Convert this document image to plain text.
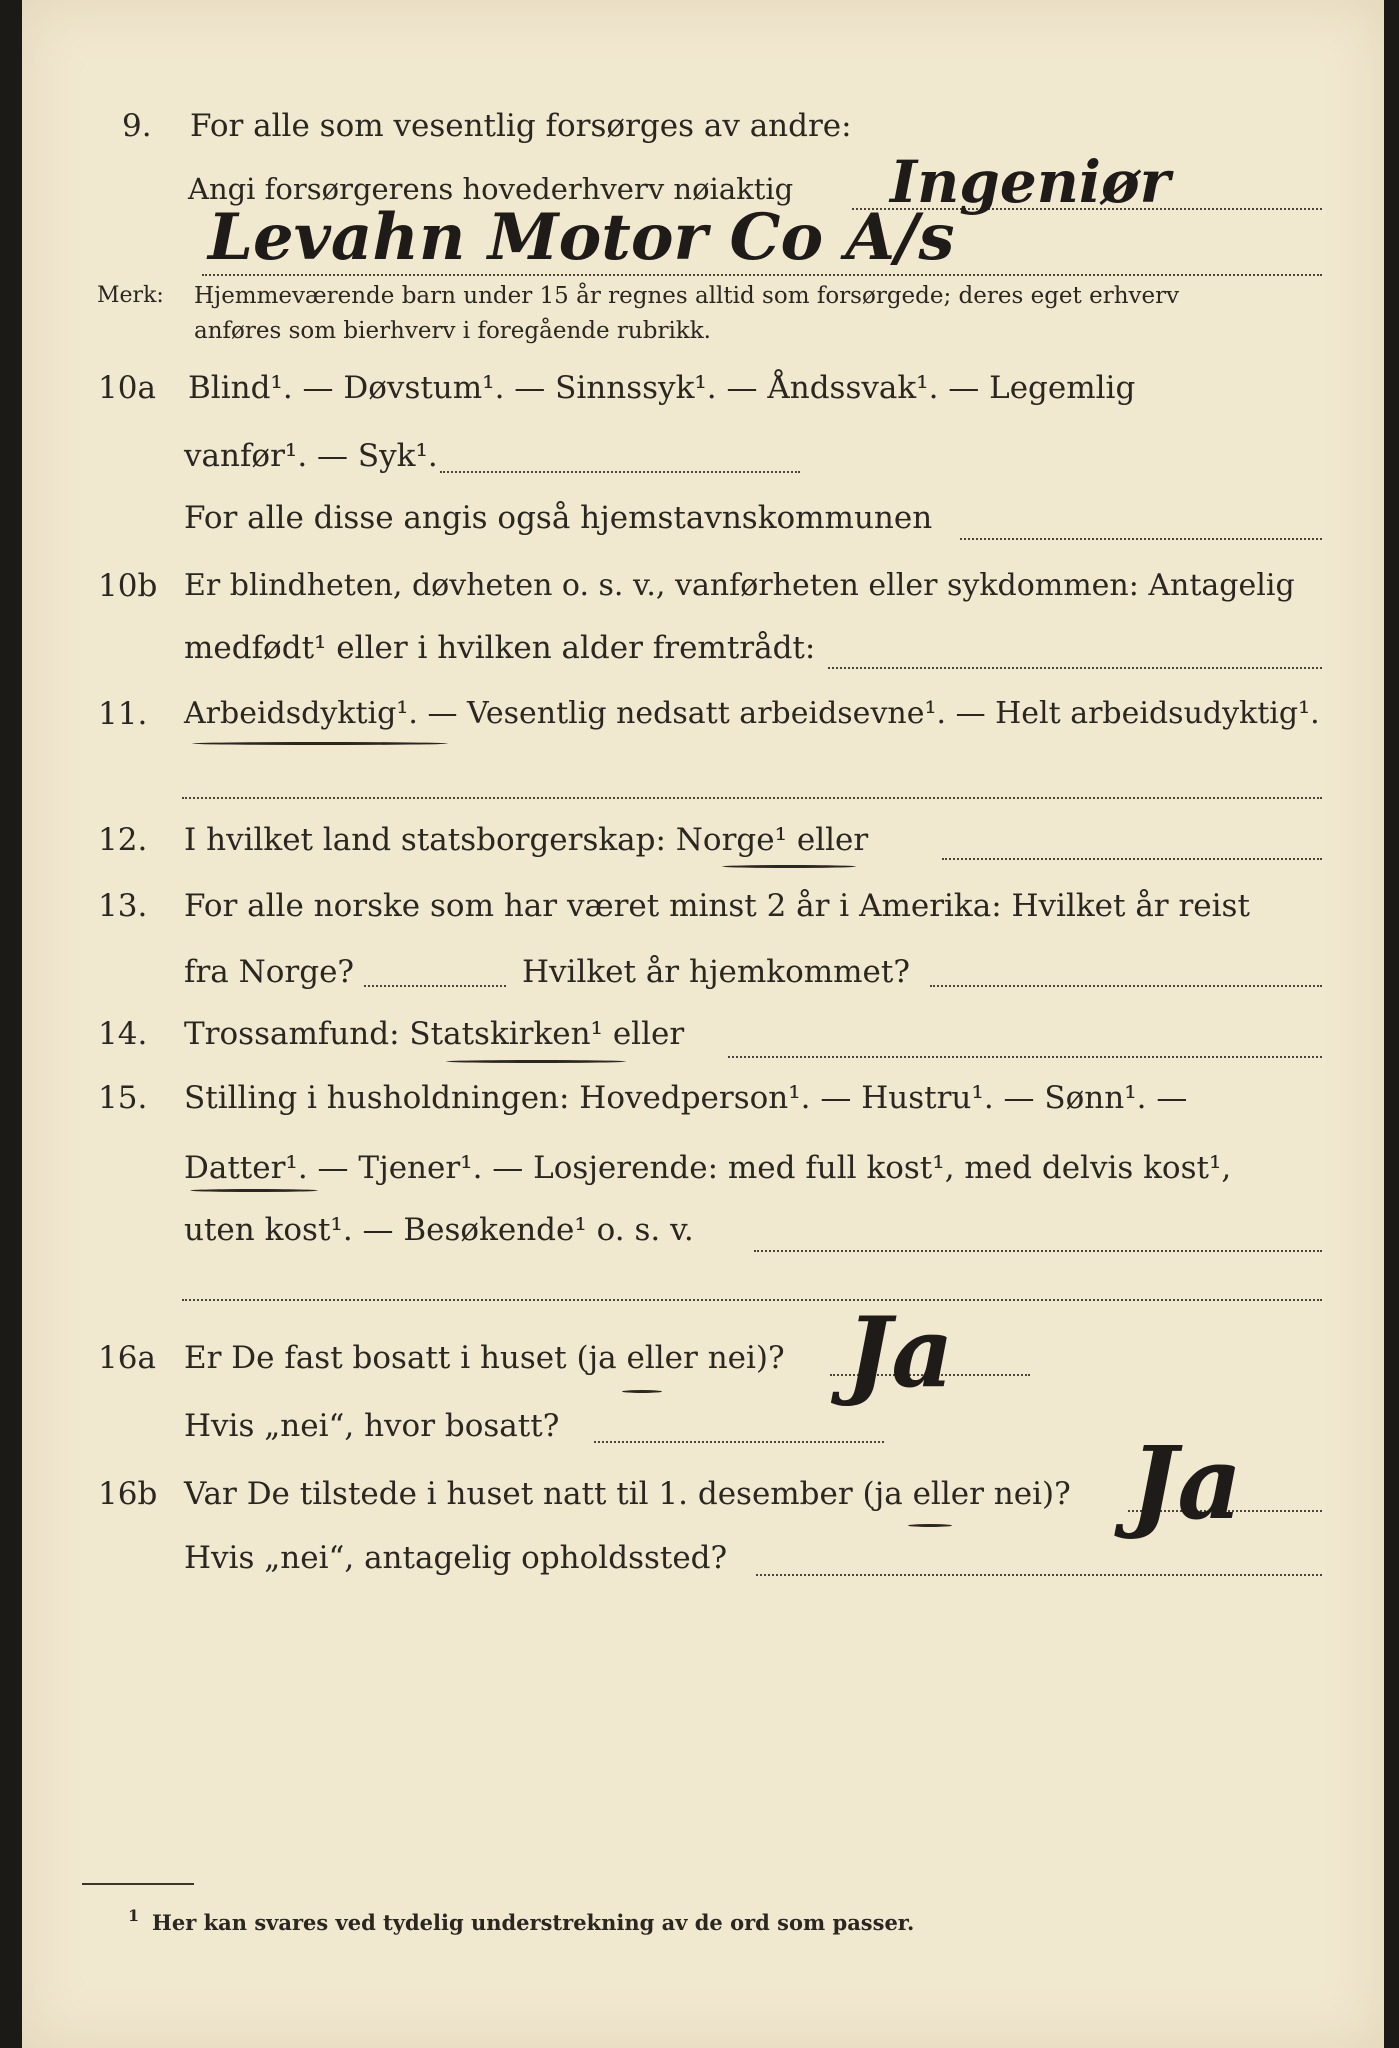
9. For alle som vesentlig forsørges av andre:
Angi forsørgerens hovederhverv nøiaktig Ingeniør
Levahn Motor Co A/s
Merk: Hjemmeværende barn under 15 år regnes alltid som forsørgede; deres eget erhverv
anføres som bierhverv i foregående rubrikk.
10a Blind¹. — Døvstum¹. — Sinnssyk¹. — Åndssvak¹. — Legemlig
vanfør¹. — Syk¹.
For alle disse angis også hjemstavnskommunen
10b Er blindheten, døvheten o. s. v., vanførheten eller sykdommen: Antagelig
medfødt¹ eller i hvilken alder fremtrådt:
11. Arbeidsdyktig¹. — Vesentlig nedsatt arbeidsevne¹. — Helt arbeidsudyktig¹.
12. I hvilket land statsborgerskap: Norge¹ eller
13. For alle norske som har været minst 2 år i Amerika: Hvilket år reist
fra Norge?	Hvilket år hjemkommet?
14. Trossamfund: Statskirken¹ eller
15. Stilling i husholdningen: Hovedperson¹. — Hustru¹. — Sønn¹. —
Datter¹. — Tjener¹. — Losjerende: med full kost¹, med delvis kost¹,
uten kost¹. — Besøkende¹ o. s. v.
16a Er De fast bosatt i huset (ja eller nei)? Ja
Hvis „nei“, hvor bosatt?
16b Var De tilstede i huset natt til 1. desember (ja eller nei)? Ja
Hvis „nei“, antagelig opholdssted?
1 Her kan svares ved tydelig understrekning av de ord som passer.
